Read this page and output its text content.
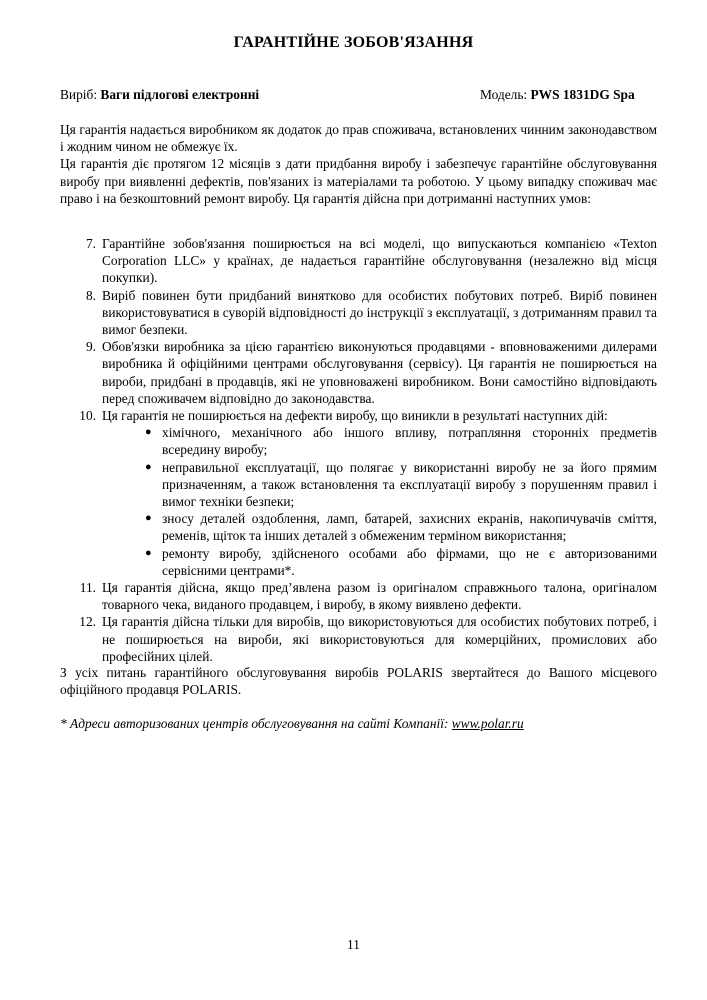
ГАРАНТІЙНЕ ЗОБОВ'ЯЗАННЯ
Виріб: Ваги підлогові електронні	Модель: PWS 1831DG Spa

Ця гарантія надається виробником як додаток до прав споживача, встановлених чинним законодавством і жодним чином не обмежує їх.

Ця гарантія діє протягом 12 місяців з дати придбання виробу і забезпечує гарантійне обслуговування виробу при виявленні дефектів, пов'язаних із матеріалами та роботою. У цьому випадку споживач має право і на безкоштовний ремонт виробу. Ця гарантія дійсна при дотриманні наступних умов:

7. Гарантійне зобов'язання поширюється на всі моделі, що випускаються компанією «Texton Corporation LLC» у країнах, де надається гарантійне обслуговування (незалежно від місця покупки).
8. Виріб повинен бути придбаний винятково для особистих побутових потреб. Виріб повинен використовуватися в суворій відповідності до інструкції з експлуатації, з дотриманням правил та вимог безпеки.
9. Обов'язки виробника за цією гарантією виконуються продавцями - вповноваженими дилерами виробника й офіційними центрами обслуговування (сервісу). Ця гарантія не поширюється на вироби, придбані в продавців, які не уповноважені виробником. Вони самостійно відповідають перед споживачем відповідно до законодавства.
10. Ця гарантія не поширюється на дефекти виробу, що виникли в результаті наступних дій:
● хімічного, механічного або іншого впливу, потрапляння сторонніх предметів всередину виробу;
● неправильної експлуатації, що полягає у використанні виробу не за його прямим призначенням, а також встановлення та експлуатації виробу з порушенням правил і вимог техніки безпеки;
● зносу деталей оздоблення, ламп, батарей, захисних екранів, накопичувачів сміття, ременів, щіток та інших деталей з обмеженим терміном використання;
● ремонту виробу, здійсненого особами або фірмами, що не є авторизованими сервісними центрами*.
11. Ця гарантія дійсна, якщо пред’явлена разом із оригіналом справжнього талона, оригіналом товарного чека, виданого продавцем, і виробу, в якому виявлено дефекти.
12. Ця гарантія дійсна тільки для виробів, що використовуються для особистих побутових потреб, і не поширюється на вироби, які використовуються для комерційних, промислових або професійних цілей.
З усіх питань гарантійного обслуговування виробів POLARIS звертайтеся до Вашого місцевого офіційного продавця POLARIS.
* Адреси авторизованих центрів обслуговування на сайті Компанії: www.polar.ru
11
